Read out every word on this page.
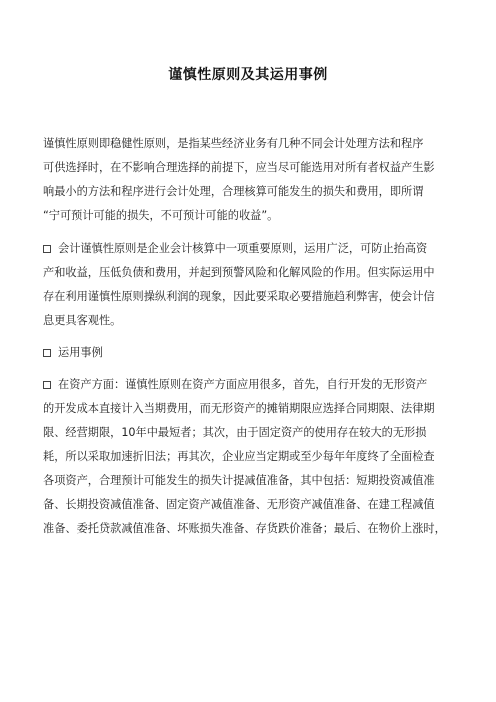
谨慎性原则及其运用事例
谨慎性原则即稳健性原则，是指某些经济业务有几种不同会计处理方法和程序
可供选择时，在不影响合理选择的前提下，应当尽可能选用对所有者权益产生影
响最小的方法和程序进行会计处理，合理核算可能发生的损失和费用，即所谓
“宁可预计可能的损失，不可预计可能的收益”。
会计谨慎性原则是企业会计核算中一项重要原则，运用广泛，可防止抬高资
产和收益，压低负债和费用，并起到预警风险和化解风险的作用。但实际运用中
存在利用谨慎性原则操纵利润的现象，因此要采取必要措施趋利弊害，使会计信
息更具客观性。
运用事例
在资产方面：谨慎性原则在资产方面应用很多，首先，自行开发的无形资产
的开发成本直接计入当期费用，而无形资产的摊销期限应选择合同期限、法律期
限、经营期限，10年中最短者；其次，由于固定资产的使用存在较大的无形损
耗，所以采取加速折旧法；再其次，企业应当定期或至少每年年度终了全面检查
各项资产，合理预计可能发生的损失计提减值准备，其中包括：短期投资减值准
备、长期投资减值准备、固定资产减值准备、无形资产减值准备、在建工程减值
准备、委托贷款减值准备、坏账损失准备、存货跌价准备；最后、在物价上涨时，
